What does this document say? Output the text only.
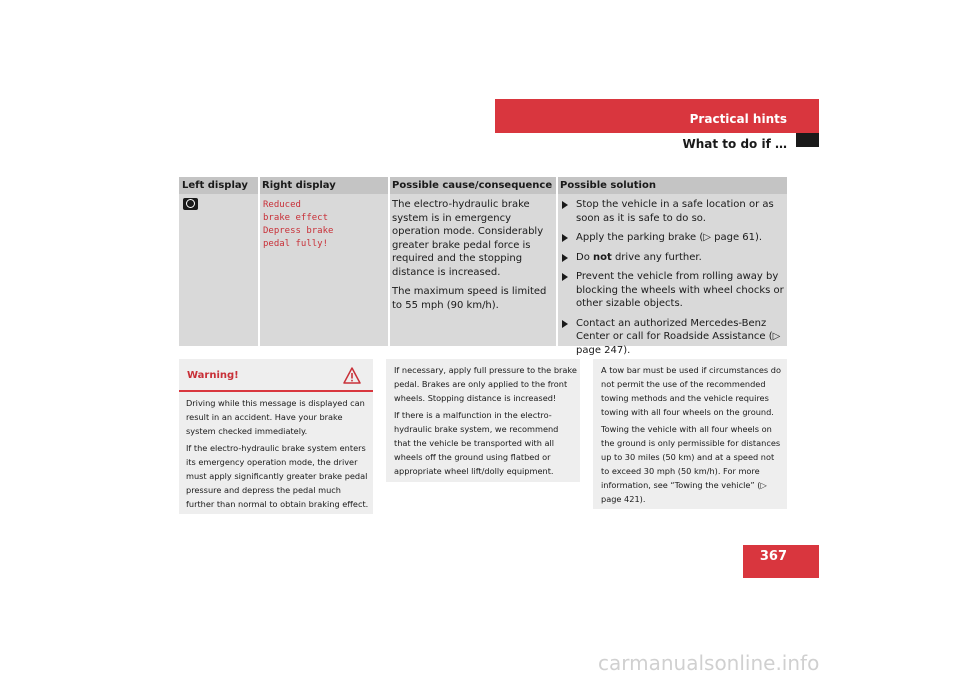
Practical hints
What to do if …
Left display Right display	Possible cause/consequence Possible solution
Reduced
brake effect
Depress brake
pedal fully!

The electro-hydraulic brake system is in emergency operation mode. Considerably greater brake pedal force is required and the stopping distance is increased.

The maximum speed is limited to 55 mph (90 km/h).

Stop the vehicle in a safe location or as soon as it is safe to do so.
Apply the parking brake (▷ page 61).
Do not drive any further.
Prevent the vehicle from rolling away by blocking the wheels with wheel chocks or other sizable objects.
Contact an authorized Mercedes-Benz Center or call for Roadside Assistance (▷ page 247).
Warning!

Driving while this message is displayed can result in an accident. Have your brake system checked immediately.

If the electro-hydraulic brake system enters its emergency operation mode, the driver must apply significantly greater brake pedal pressure and depress the pedal much further than normal to obtain braking effect.

If necessary, apply full pressure to the brake pedal. Brakes are only applied to the front wheels. Stopping distance is increased!

If there is a malfunction in the electro-hydraulic brake system, we recommend that the vehicle be transported with all wheels off the ground using flatbed or appropriate wheel lift/dolly equipment.

A tow bar must be used if circumstances do not permit the use of the recommended towing methods and the vehicle requires towing with all four wheels on the ground.

Towing the vehicle with all four wheels on the ground is only permissible for distances up to 30 miles (50 km) and at a speed not to exceed 30 mph (50 km/h). For more information, see “Towing the vehicle” (▷ page 421).

367
carmanualsonline.info
